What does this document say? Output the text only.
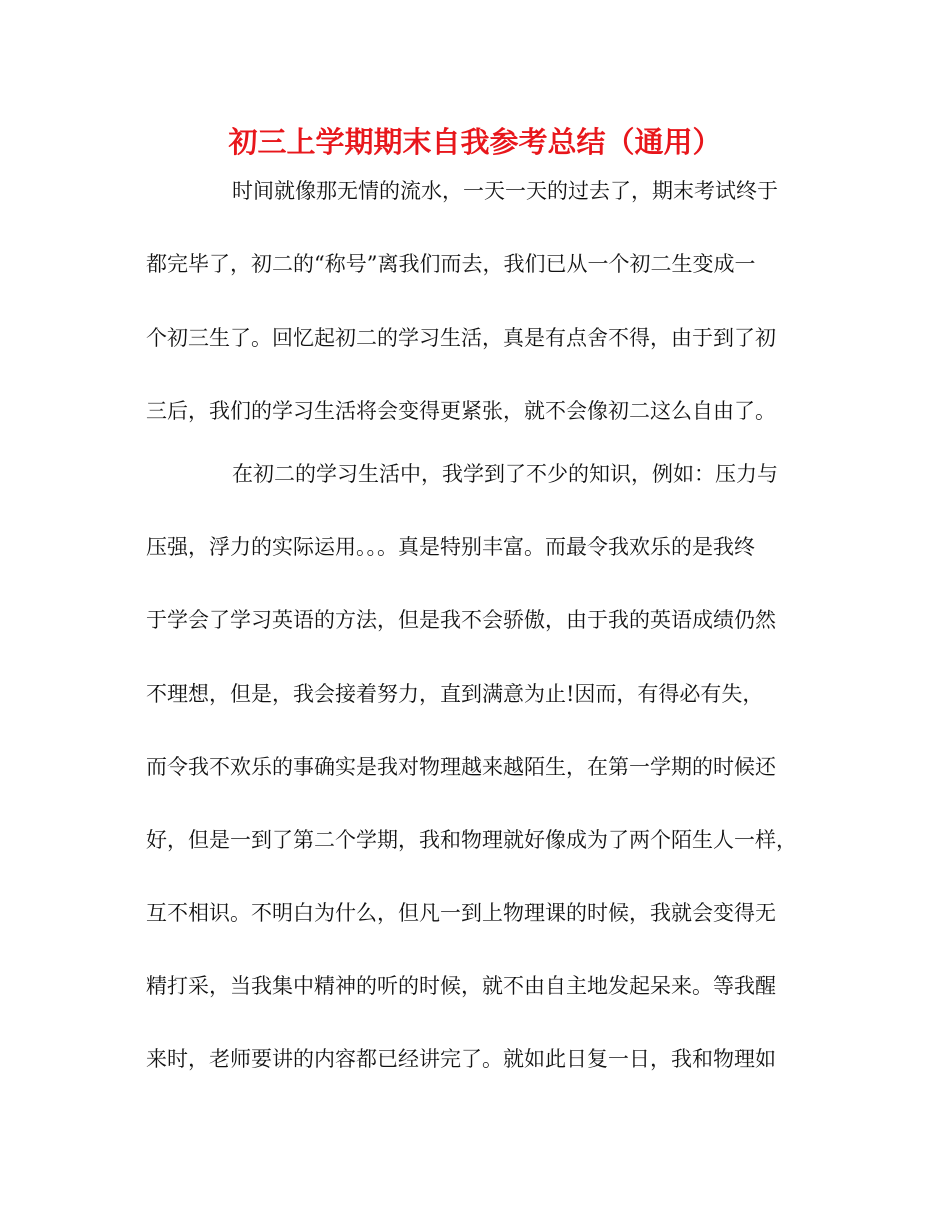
初三上学期期末自我参考总结（通用）

时间就像那无情的流水，一天一天的过去了，期末考试终于

都完毕了，初二的“称号”离我们而去，我们已从一个初二生变成一

个初三生了。回忆起初二的学习生活，真是有点舍不得，由于到了初

三后，我们的学习生活将会变得更紧张，就不会像初二这么自由了。

在初二的学习生活中，我学到了不少的知识，例如：压力与

压强，浮力的实际运用。。。真是特别丰富。而最令我欢乐的是我终

于学会了学习英语的方法，但是我不会骄傲，由于我的英语成绩仍然

不理想，但是，我会接着努力，直到满意为止!因而，有得必有失，

而令我不欢乐的事确实是我对物理越来越陌生，在第一学期的时候还

好，但是一到了第二个学期，我和物理就好像成为了两个陌生人一样，

互不相识。不明白为什么，但凡一到上物理课的时候，我就会变得无

精打采，当我集中精神的听的时候，就不由自主地发起呆来。等我醒

来时，老师要讲的内容都已经讲完了。就如此日复一日，我和物理如
